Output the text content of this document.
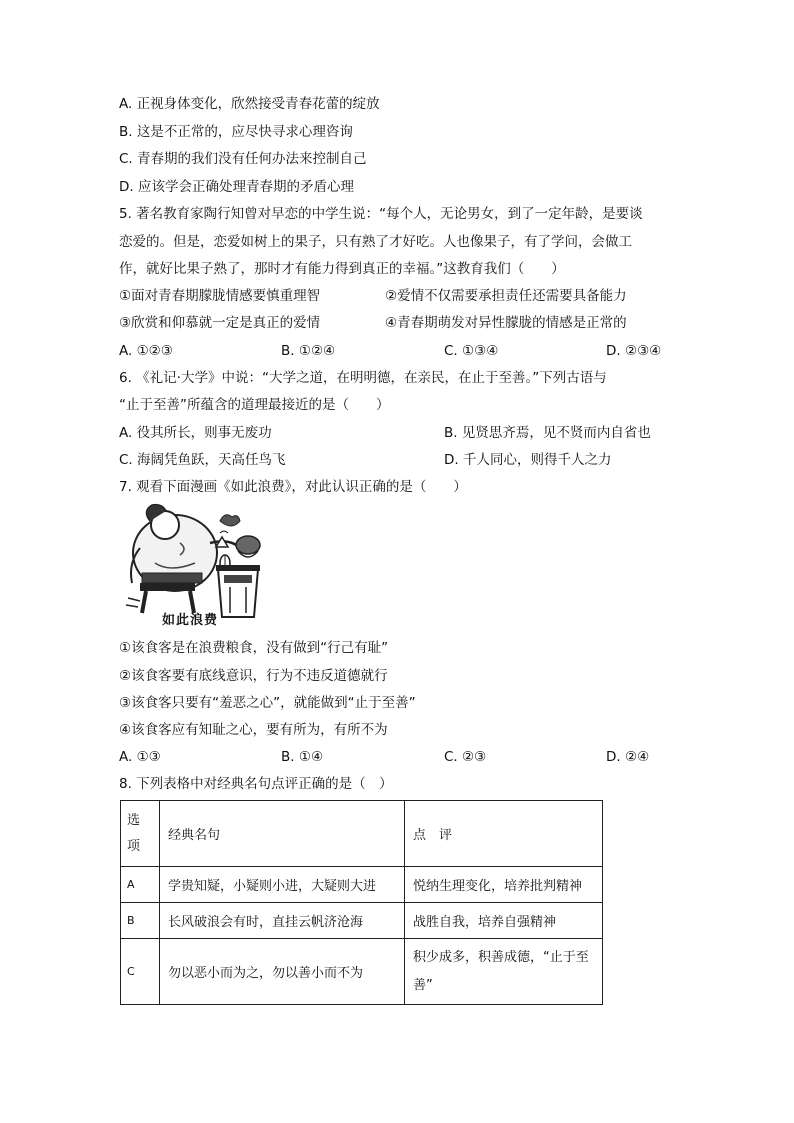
A. 正视身体变化，欣然接受青春花蕾的绽放
B. 这是不正常的，应尽快寻求心理咨询
C. 青春期的我们没有任何办法来控制自己
D. 应该学会正确处理青春期的矛盾心理
5. 著名教育家陶行知曾对早恋的中学生说：“每个人，无论男女，到了一定年龄，是要谈
恋爱的。但是，恋爱如树上的果子，只有熟了才好吃。人也像果子，有了学问，会做工
作，就好比果子熟了，那时才有能力得到真正的幸福。”这教育我们（　　）
①面对青春期朦胧情感要慎重理智	②爱情不仅需要承担责任还需要具备能力
③欣赏和仰慕就一定是真正的爱情	④青春期萌发对异性朦胧的情感是正常的
A. ①②③	B. ①②④	C. ①③④	D. ②③④
6. 《礼记·大学》中说：“大学之道，在明明德，在亲民，在止于至善。”下列古语与
“止于至善”所蕴含的道理最接近的是（　　）
A. 役其所长，则事无废功	B. 见贤思齐焉，见不贤而内自省也
C. 海阔凭鱼跃，天高任鸟飞	D. 千人同心，则得千人之力
7. 观看下面漫画《如此浪费》，对此认识正确的是（　　）
如此浪费
①该食客是在浪费粮食，没有做到“行己有耻”
②该食客要有底线意识，行为不违反道德就行
③该食客只要有“羞恶之心”，就能做到“止于至善”
④该食客应有知耻之心，要有所为，有所不为
A. ①③	B. ①④	C. ②③	D. ②④
8. 下列表格中对经典名句点评正确的是（　）
选项	经典名句	点　评
A	学贵知疑，小疑则小进，大疑则大进	悦纳生理变化，培养批判精神
B	长风破浪会有时，直挂云帆济沧海	战胜自我，培养自强精神
C	勿以恶小而为之，勿以善小而不为	积少成多，积善成德，“止于至善”
